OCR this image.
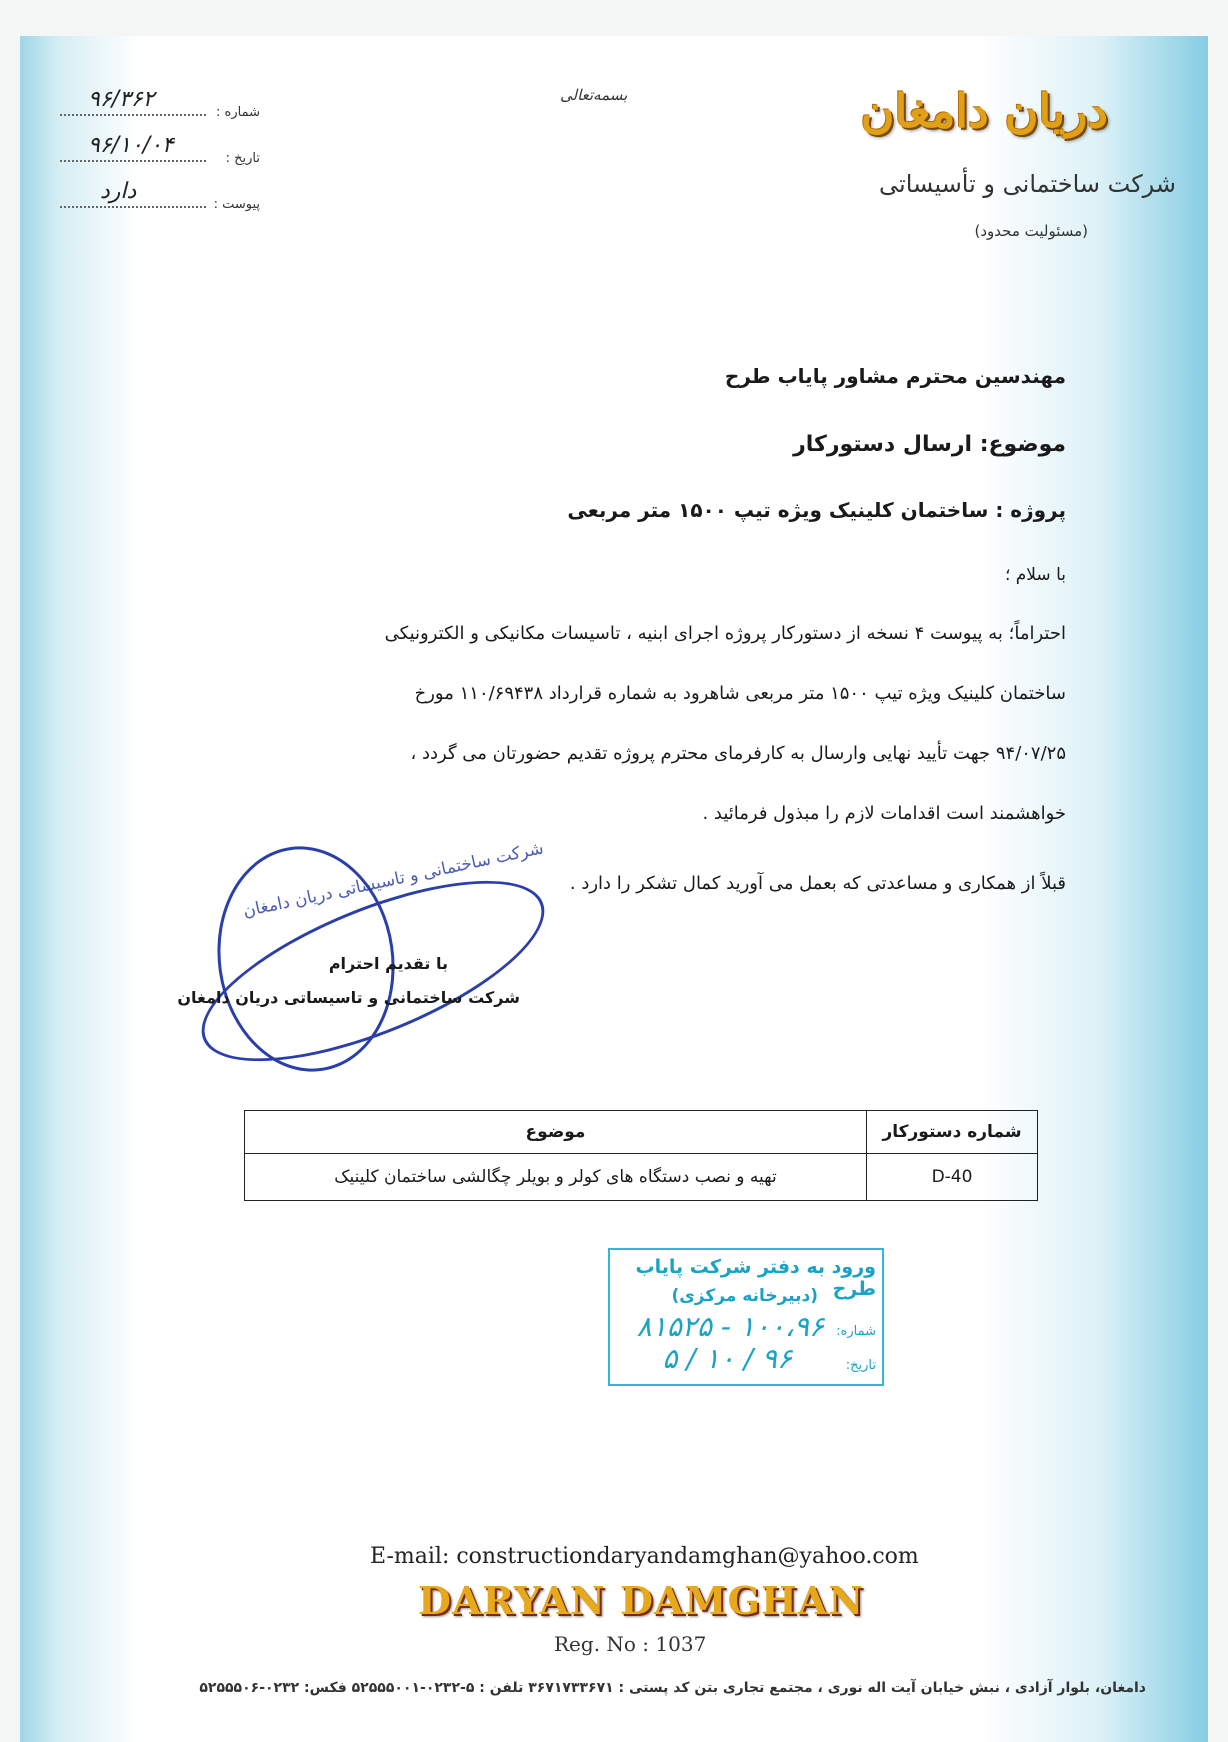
بسمه‌تعالی	دریان دامغان
شرکت ساختمانی و تأسیساتی
(مسئولیت محدود)
۹۶/۳۶۲
شماره :
۹۶/۱۰/۰۴
تاریخ :
دارد
پیوست :
مهندسین محترم مشاور پایاب طرح
موضوع: ارسال دستورکار
پروژه : ساختمان کلینیک ویژه تیپ ۱۵۰۰ متر مربعی
با سلام ؛
احتراماً؛ به پیوست ۴ نسخه از دستورکار پروژه اجرای ابنیه ، تاسیسات مکانیکی و الکترونیکی
ساختمان کلینیک ویژه تیپ ۱۵۰۰ متر مربعی شاهرود به شماره قرارداد ۱۱۰/۶۹۴۳۸ مورخ
۹۴/۰۷/۲۵ جهت تأیید نهایی وارسال به کارفرمای محترم پروژه تقدیم حضورتان می گردد ،
خواهشمند است اقدامات لازم را مبذول فرمائید .
قبلاً از همکاری و مساعدتی که بعمل می آورید کمال تشکر را دارد .
شرکت ساختمانی و تاسیساتی دریان دامغان
با تقدیم احترام
شرکت ساختمانی و تاسیساتی دریان دامغان
شماره دستورکار	موضوع
D-40	تهیه و نصب دستگاه های کولر و بویلر چگالشی ساختمان کلینیک
ورود به دفتر شرکت پایاب طرح
(دبیرخانه مرکزی)
شماره:
۱۰۰،۹۶ - ۸۱۵۲۵
تاریخ:
۹۶ / ۱۰ / ۵
E-mail: constructiondaryandamghan@yahoo.com
DARYAN DAMGHAN
Reg. No : 1037
دامغان، بلوار آزادی ، نبش خیابان آیت اله نوری ، مجتمع تجاری بتن کد پستی : ۳۶۷۱۷۳۳۶۷۱ تلفن : ۵-۰۲۳۲-۵۲۵۵۵۰۰۱ فکس: ۰۲۳۲-۵۲۵۵۵۰۶
